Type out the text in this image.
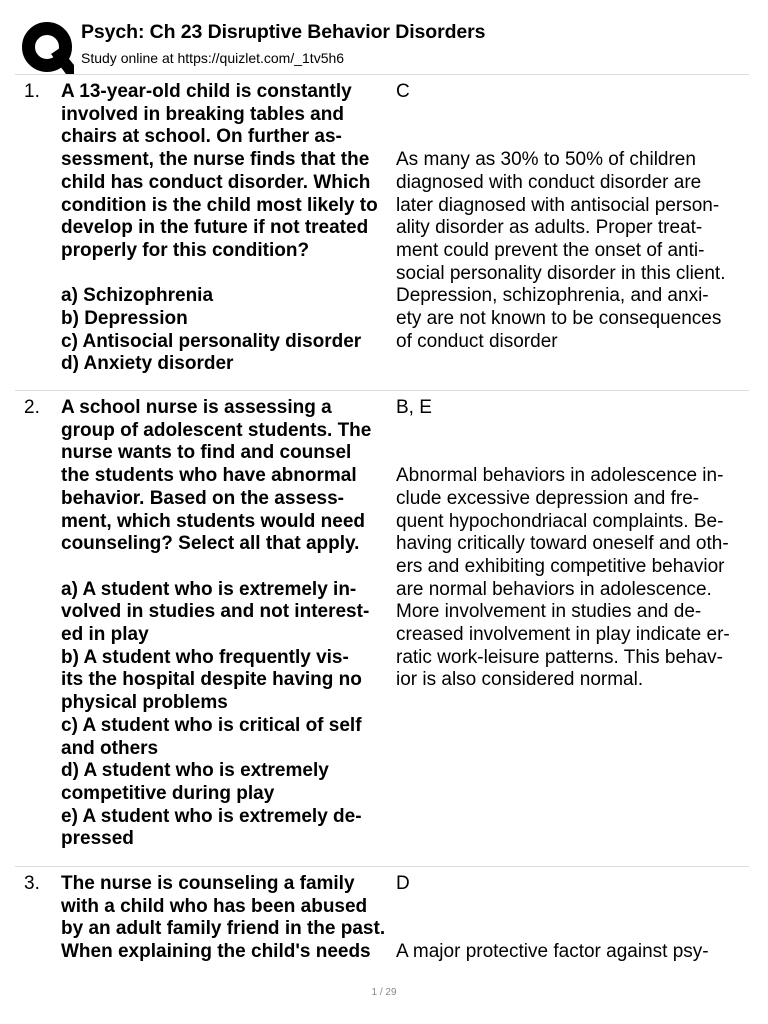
Psych: Ch 23 Disruptive Behavior Disorders
Study online at https://quizlet.com/_1tv5h6
1. A 13-year-old child is constantly
involved in breaking tables and
chairs at school. On further as-
sessment, the nurse finds that the
child has conduct disorder. Which
condition is the child most likely to
develop in the future if not treated
properly for this condition?

a) Schizophrenia
b) Depression
c) Antisocial personality disorder
d) Anxiety disorder

C

As many as 30% to 50% of children
diagnosed with conduct disorder are
later diagnosed with antisocial person-
ality disorder as adults. Proper treat-
ment could prevent the onset of anti-
social personality disorder in this client.
Depression, schizophrenia, and anxi-
ety are not known to be consequences
of conduct disorder

2. A school nurse is assessing a
group of adolescent students. The
nurse wants to find and counsel
the students who have abnormal
behavior. Based on the assess-
ment, which students would need
counseling? Select all that apply.

a) A student who is extremely in-
volved in studies and not interest-
ed in play
b) A student who frequently vis-
its the hospital despite having no
physical problems
c) A student who is critical of self
and others
d) A student who is extremely
competitive during play
e) A student who is extremely de-
pressed

B, E

Abnormal behaviors in adolescence in-
clude excessive depression and fre-
quent hypochondriacal complaints. Be-
having critically toward oneself and oth-
ers and exhibiting competitive behavior
are normal behaviors in adolescence.
More involvement in studies and de-
creased involvement in play indicate er-
ratic work-leisure patterns. This behav-
ior is also considered normal.

3. The nurse is counseling a family
with a child who has been abused
by an adult family friend in the past.
When explaining the child's needs

D

A major protective factor against psy-

1 / 29
